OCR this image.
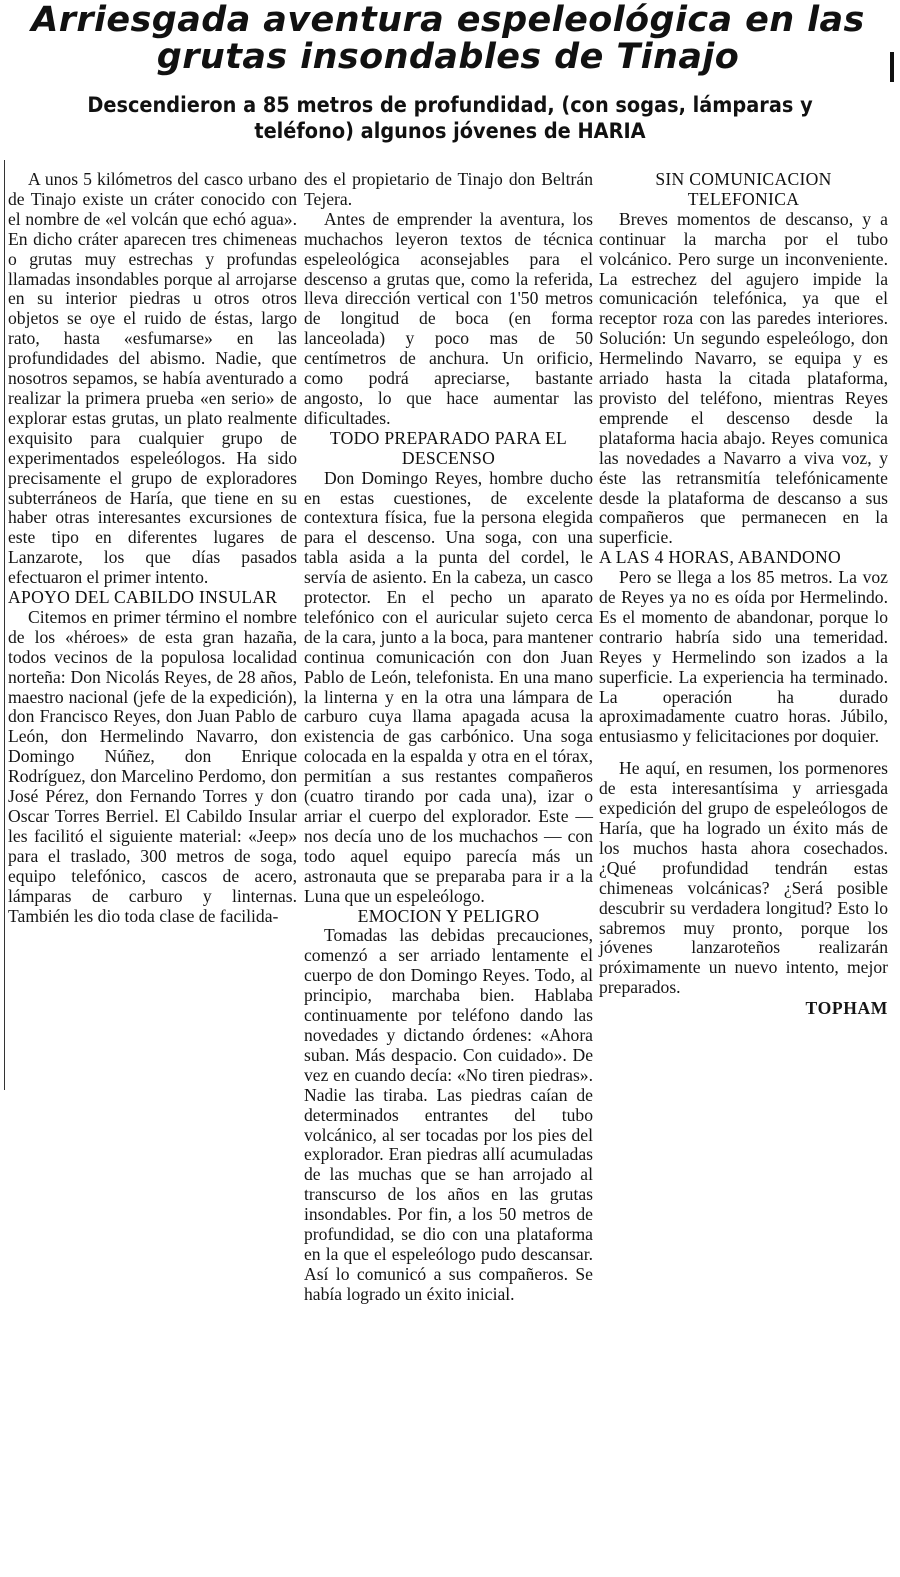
Arriesgada aventura espeleológica en las grutas insondables de Tinajo
Descendieron a 85 metros de profundidad, (con sogas, lámparas y teléfono) algunos jóvenes de HARIA

A unos 5 kilómetros del casco urbano de Tinajo existe un cráter conocido con el nombre de «el volcán que echó agua». En dicho cráter aparecen tres chimeneas o grutas muy estrechas y profundas llamadas insondables porque al arrojarse en su interior piedras u otros otros objetos se oye el ruido de éstas, largo rato, hasta «esfumarse» en las profundidades del abismo. Nadie, que nosotros sepamos, se había aventurado a realizar la primera prueba «en serio» de explorar estas grutas, un plato realmente exquisito para cualquier grupo de experimentados espeleólogos. Ha sido precisamente el grupo de exploradores subterráneos de Haría, que tiene en su haber otras interesantes excursiones de este tipo en diferentes lugares de Lanzarote, los que días pasados efectuaron el primer intento.

APOYO DEL CABILDO INSULAR

Citemos en primer término el nombre de los «héroes» de esta gran hazaña, todos vecinos de la populosa localidad norteña: Don Nicolás Reyes, de 28 años, maestro nacional (jefe de la expedición), don Francisco Reyes, don Juan Pablo de León, don Hermelindo Navarro, don Domingo Núñez, don Enrique Rodríguez, don Marcelino Perdomo, don José Pérez, don Fernando Torres y don Oscar Torres Berriel. El Cabildo Insular les facilitó el siguiente material: «Jeep» para el traslado, 300 metros de soga, equipo telefónico, cascos de acero, lámparas de carburo y linternas. También les dio toda clase de facilida-

des el propietario de Tinajo don Beltrán Tejera.

Antes de emprender la aventura, los muchachos leyeron textos de técnica espeleológica aconsejables para el descenso a grutas que, como la referida, lleva dirección vertical con 1'50 metros de longitud de boca (en forma lanceolada) y poco mas de 50 centímetros de anchura. Un orificio, como podrá apreciarse, bastante angosto, lo que hace aumentar las dificultades.

TODO PREPARADO PARA EL DESCENSO

Don Domingo Reyes, hombre ducho en estas cuestiones, de excelente contextura física, fue la persona elegida para el descenso. Una soga, con una tabla asida a la punta del cordel, le servía de asiento. En la cabeza, un casco protector. En el pecho un aparato telefónico con el auricular sujeto cerca de la cara, junto a la boca, para mantener continua comunicación con don Juan Pablo de León, telefonista. En una mano la linterna y en la otra una lámpara de carburo cuya llama apagada acusa la existencia de gas carbónico. Una soga colocada en la espalda y otra en el tórax, permitían a sus restantes compañeros (cuatro tirando por cada una), izar o arriar el cuerpo del explorador. Este — nos decía uno de los muchachos — con todo aquel equipo parecía más un astronauta que se preparaba para ir a la Luna que un espeleólogo.

EMOCION Y PELIGRO

Tomadas las debidas precauciones, comenzó a ser arriado lentamente el cuerpo de don Domingo Reyes. Todo, al principio, marchaba bien. Hablaba continuamente por teléfono dando las novedades y dictando órdenes: «Ahora suban. Más despacio. Con cuidado». De vez en cuando decía: «No tiren piedras». Nadie las tiraba. Las piedras caían de determinados entrantes del tubo volcánico, al ser tocadas por los pies del explorador. Eran piedras allí acumuladas de las muchas que se han arrojado al transcurso de los años en las grutas insondables. Por fin, a los 50 metros de profundidad, se dio con una plataforma en la que el espeleólogo pudo descansar. Así lo comunicó a sus compañeros. Se había logrado un éxito inicial.

SIN COMUNICACION TELEFONICA

Breves momentos de descanso, y a continuar la marcha por el tubo volcánico. Pero surge un inconveniente. La estrechez del agujero impide la comunicación telefónica, ya que el receptor roza con las paredes interiores. Solución: Un segundo espeleólogo, don Hermelindo Navarro, se equipa y es arriado hasta la citada plataforma, provisto del teléfono, mientras Reyes emprende el descenso desde la plataforma hacia abajo. Reyes comunica las novedades a Navarro a viva voz, y éste las retransmitía telefónicamente desde la plataforma de descanso a sus compañeros que permanecen en la superficie.

A LAS 4 HORAS, ABANDONO

Pero se llega a los 85 metros. La voz de Reyes ya no es oída por Hermelindo. Es el momento de abandonar, porque lo contrario habría sido una temeridad. Reyes y Hermelindo son izados a la superficie. La experiencia ha terminado. La operación ha durado aproximadamente cuatro horas. Júbilo, entusiasmo y felicitaciones por doquier.

He aquí, en resumen, los pormenores de esta interesantísima y arriesgada expedición del grupo de espeleólogos de Haría, que ha logrado un éxito más de los muchos hasta ahora cosechados. ¿Qué profundidad tendrán estas chimeneas volcánicas? ¿Será posible descubrir su verdadera longitud? Esto lo sabremos muy pronto, porque los jóvenes lanzaroteños realizarán próximamente un nuevo intento, mejor preparados.

TOPHAM
